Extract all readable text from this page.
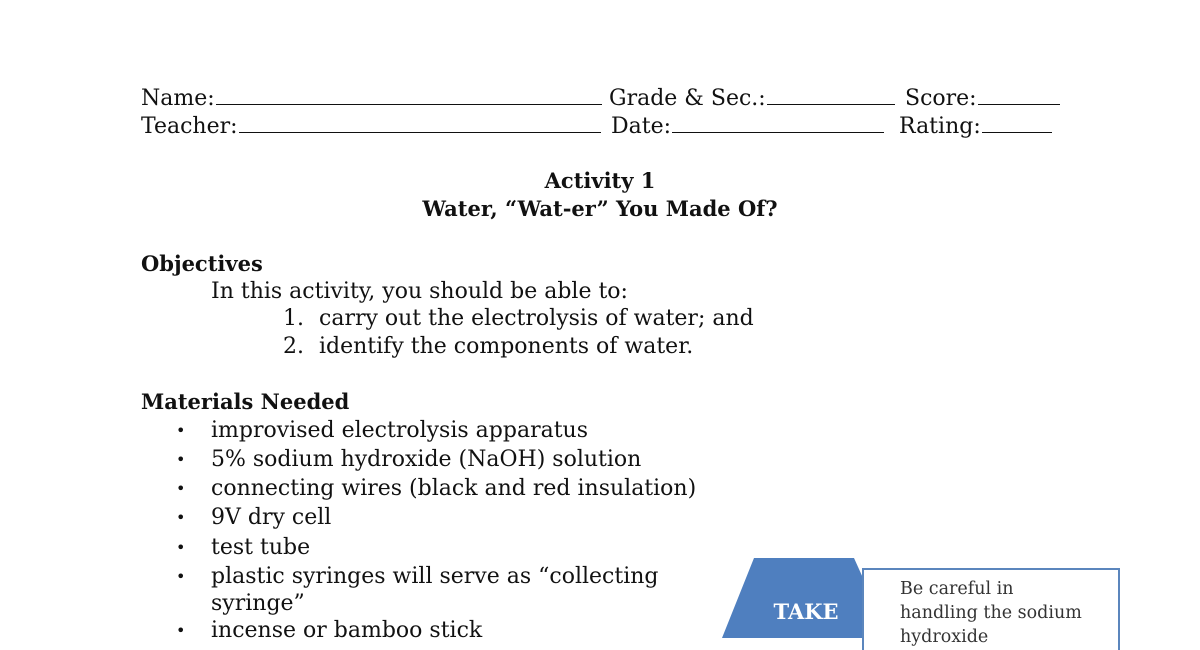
Name:	Grade & Sec.:	Score:
Teacher:	Date:	Rating:
Activity 1
Water, “Wat-er” You Made Of?
Objectives
In this activity, you should be able to:
1. carry out the electrolysis of water; and
2. identify the components of water.
Materials Needed
• improvised electrolysis apparatus
• 5% sodium hydroxide (NaOH) solution
• connecting wires (black and red insulation)
• 9V dry cell
• test tube
• plastic syringes will serve as “collecting
syringe”
• incense or bamboo stick
TAKE
Be careful in
handling the sodium
hydroxide
